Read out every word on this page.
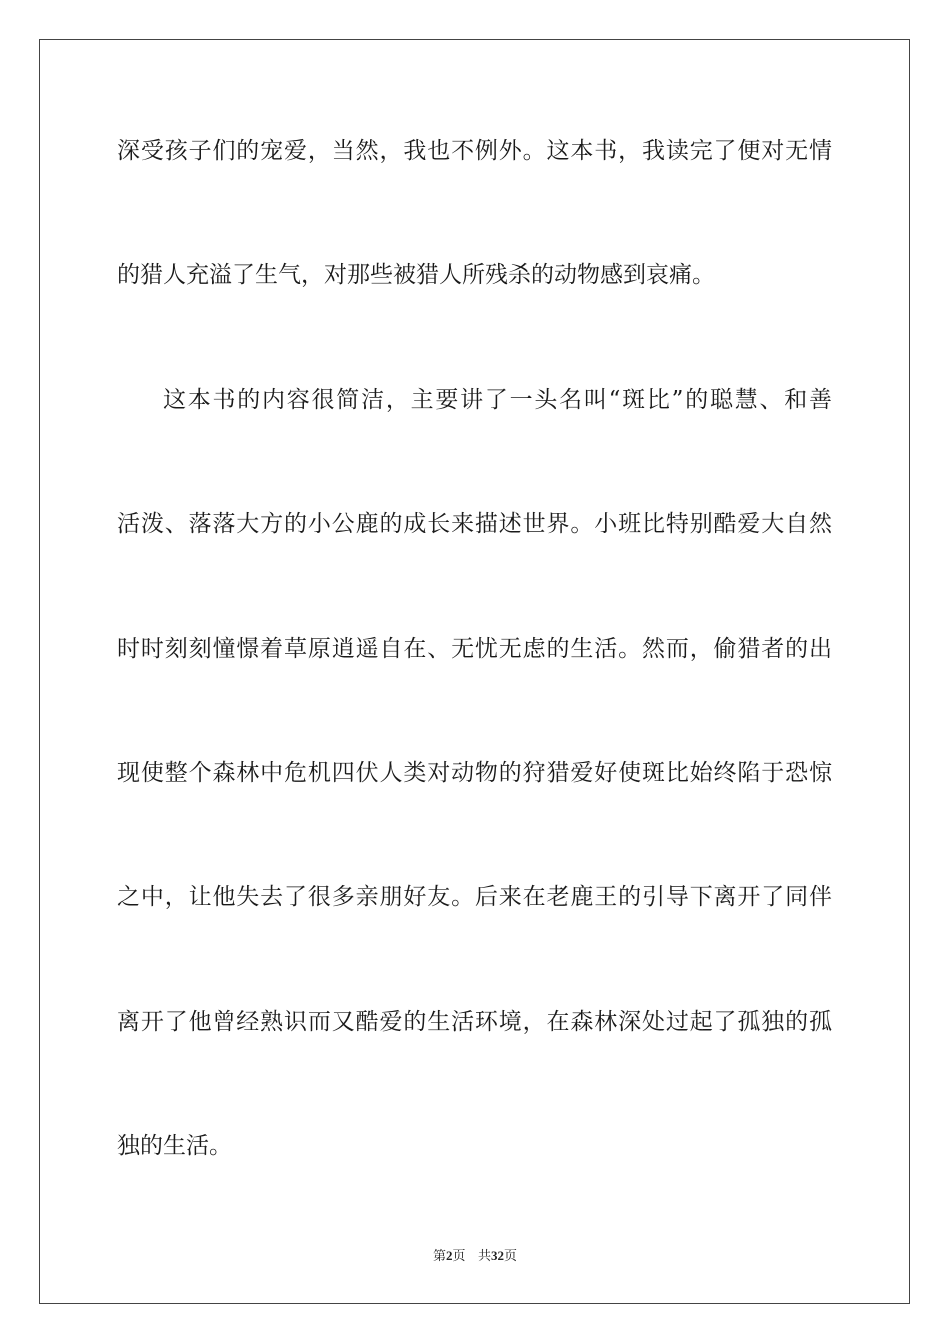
深受孩子们的宠爱，当然，我也不例外。这本书，我读完了便对无情
的猎人充溢了生气，对那些被猎人所残杀的动物感到哀痛。
这本书的内容很简洁，主要讲了一头名叫“斑比”的聪慧、和善
活泼、落落大方的小公鹿的成长来描述世界。小班比特别酷爱大自然
时时刻刻憧憬着草原逍遥自在、无忧无虑的生活。然而，偷猎者的出
现使整个森林中危机四伏人类对动物的狩猎爱好使斑比始终陷于恐惊
之中，让他失去了很多亲朋好友。后来在老鹿王的引导下离开了同伴
离开了他曾经熟识而又酷爱的生活环境，在森林深处过起了孤独的孤
独的生活。
第2页 共32页
